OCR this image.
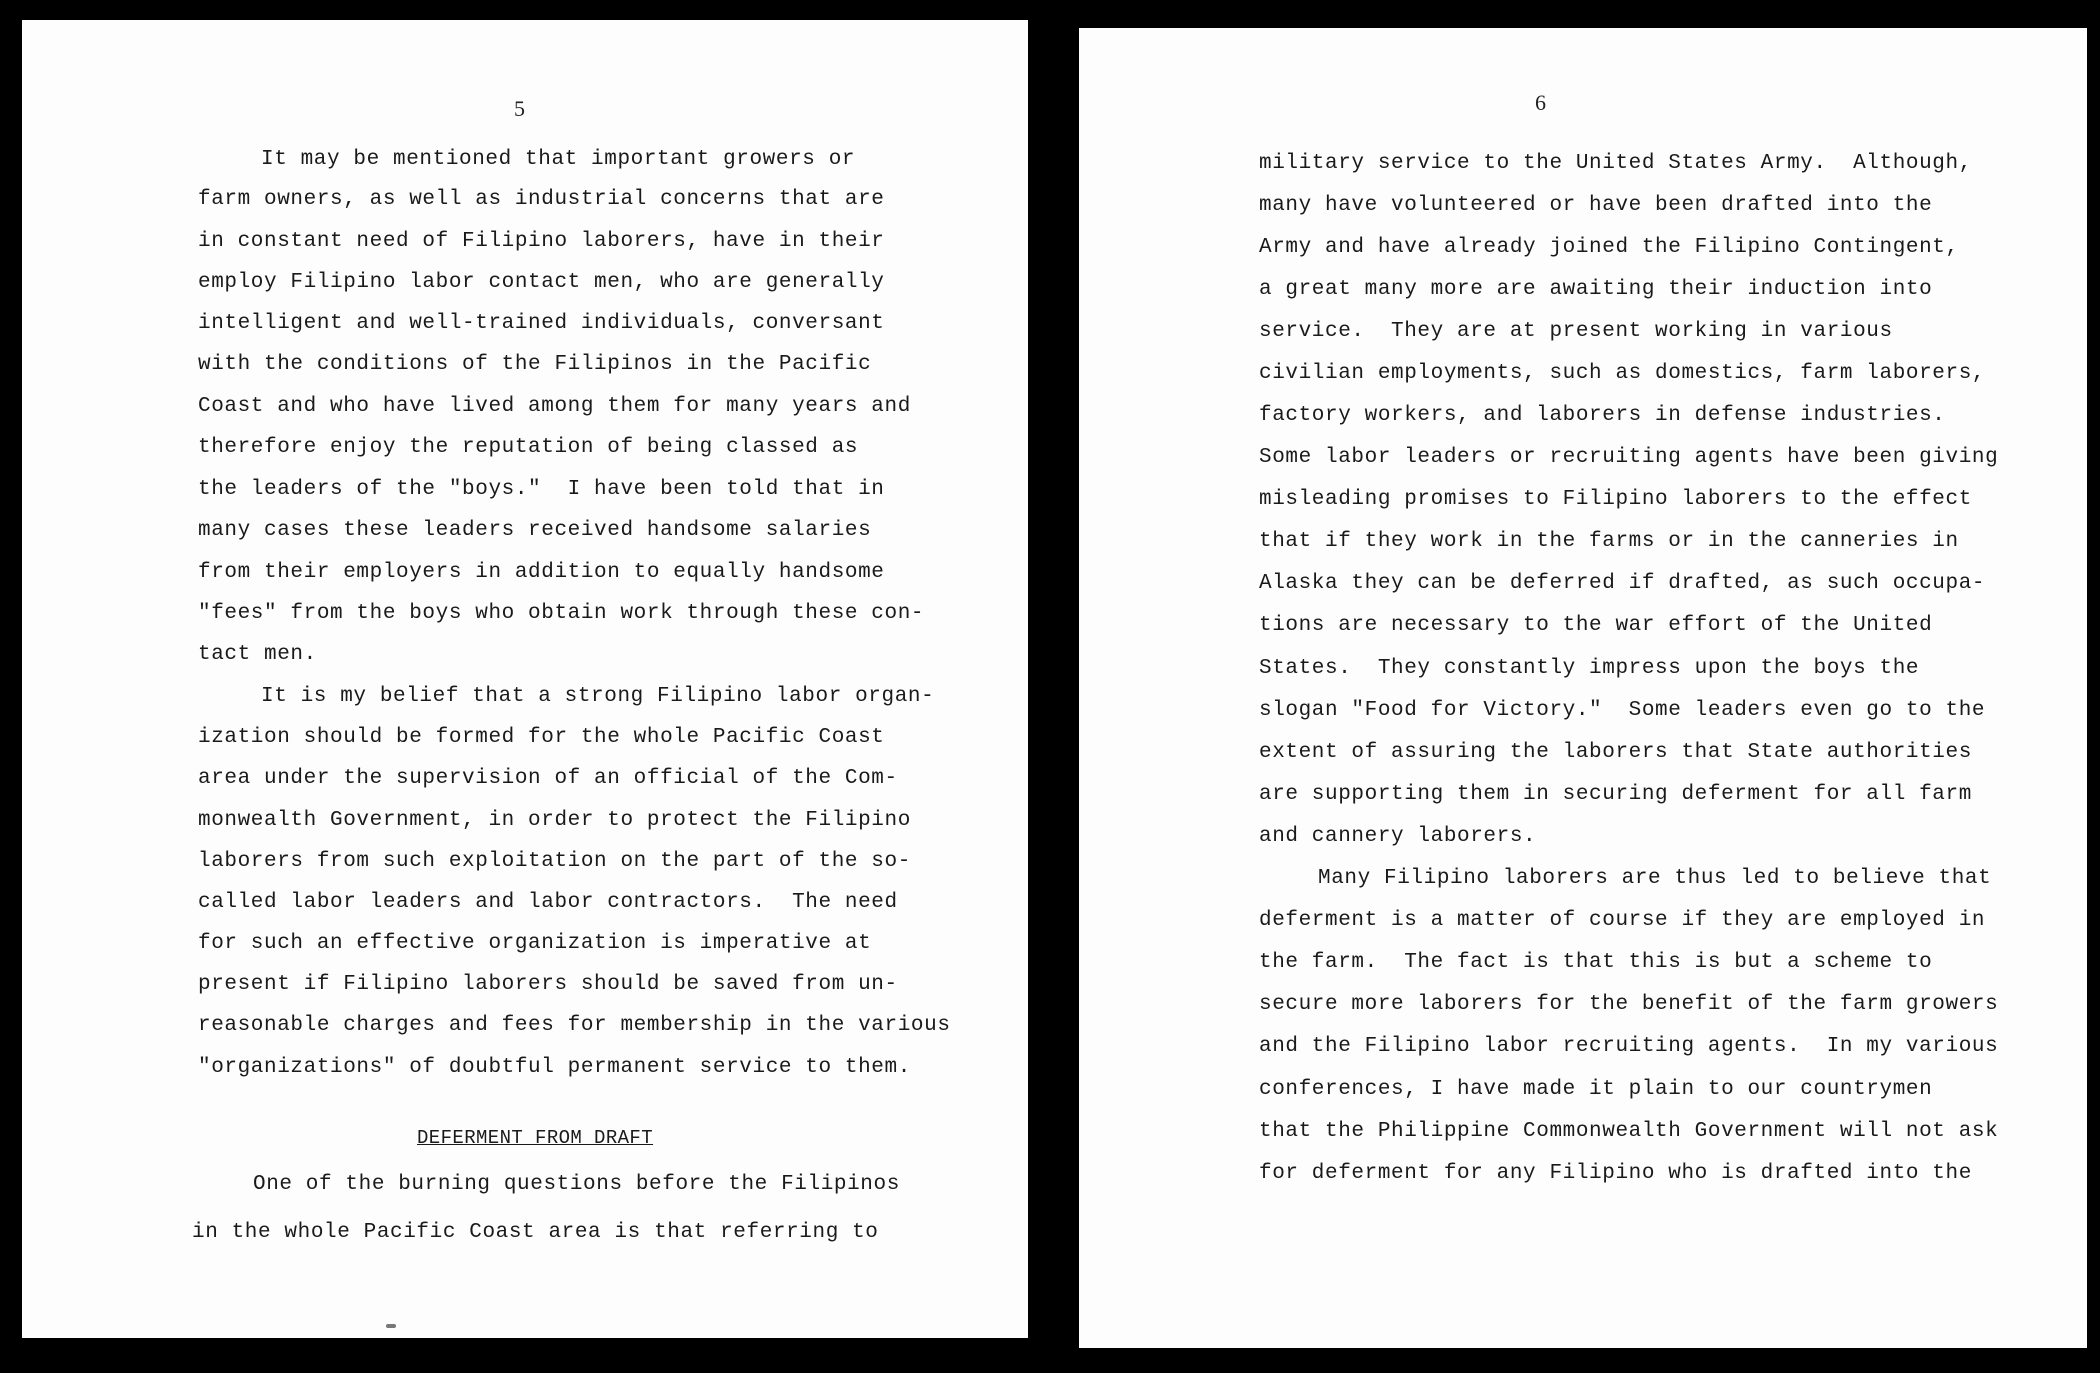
5
It may be mentioned that important growers or
farm owners, as well as industrial concerns that are
in constant need of Filipino laborers, have in their
employ Filipino labor contact men, who are generally
intelligent and well-trained individuals, conversant
with the conditions of the Filipinos in the Pacific
Coast and who have lived among them for many years and
therefore enjoy the reputation of being classed as
the leaders of the "boys."  I have been told that in
many cases these leaders received handsome salaries
from their employers in addition to equally handsome
"fees" from the boys who obtain work through these con-
tact men.
It is my belief that a strong Filipino labor organ-
ization should be formed for the whole Pacific Coast
area under the supervision of an official of the Com-
monwealth Government, in order to protect the Filipino
laborers from such exploitation on the part of the so-
called labor leaders and labor contractors.  The need
for such an effective organization is imperative at
present if Filipino laborers should be saved from un-
reasonable charges and fees for membership in the various
"organizations" of doubtful permanent service to them.
One of the burning questions before the Filipinos
in the whole Pacific Coast area is that referring to
DEFERMENT FROM DRAFT
6
military service to the United States Army.  Although,
many have volunteered or have been drafted into the
Army and have already joined the Filipino Contingent,
a great many more are awaiting their induction into
service.  They are at present working in various
civilian employments, such as domestics, farm laborers,
factory workers, and laborers in defense industries.
Some labor leaders or recruiting agents have been giving
misleading promises to Filipino laborers to the effect
that if they work in the farms or in the canneries in
Alaska they can be deferred if drafted, as such occupa-
tions are necessary to the war effort of the United
States.  They constantly impress upon the boys the
slogan "Food for Victory."  Some leaders even go to the
extent of assuring the laborers that State authorities
are supporting them in securing deferment for all farm
and cannery laborers.
Many Filipino laborers are thus led to believe that
deferment is a matter of course if they are employed in
the farm.  The fact is that this is but a scheme to
secure more laborers for the benefit of the farm growers
and the Filipino labor recruiting agents.  In my various
conferences, I have made it plain to our countrymen
that the Philippine Commonwealth Government will not ask
for deferment for any Filipino who is drafted into the
